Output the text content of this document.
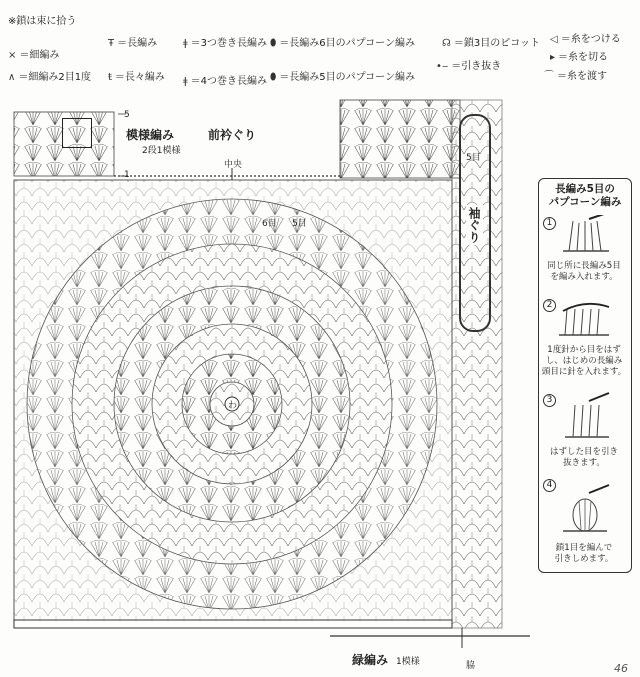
※鎖は束に拾う
× ＝細編み
∧ ＝細編み2目1度
Ŧ ＝長編み
ŧ ＝長々編み
ǂ ＝3つ巻き長編み
ǂ ＝4つ巻き長編み
⬮ ＝長編み6目のパプコーン編み
⬮ ＝長編み5目のパプコーン編み
☊ ＝鎖3目のピコット
•‒ ＝引き抜き
◁ ＝糸をつける
▸ ＝糸を切る
⌒ ＝糸を渡す
5
1
模様編み
2段1模様
前衿ぐり
中央
わ
6目 5目
5目
袖ぐり
緑編み 1模様	脇
長編み5目の
パプコーン編み
1
同じ所に長編み5目
を編み入れます。
2
1度針から目をはず
し、はじめの長編み
頭目に針を入れます。
3
はずした目を引き
抜きます。
4
鎖1目を編んで
引きしめます。
46
